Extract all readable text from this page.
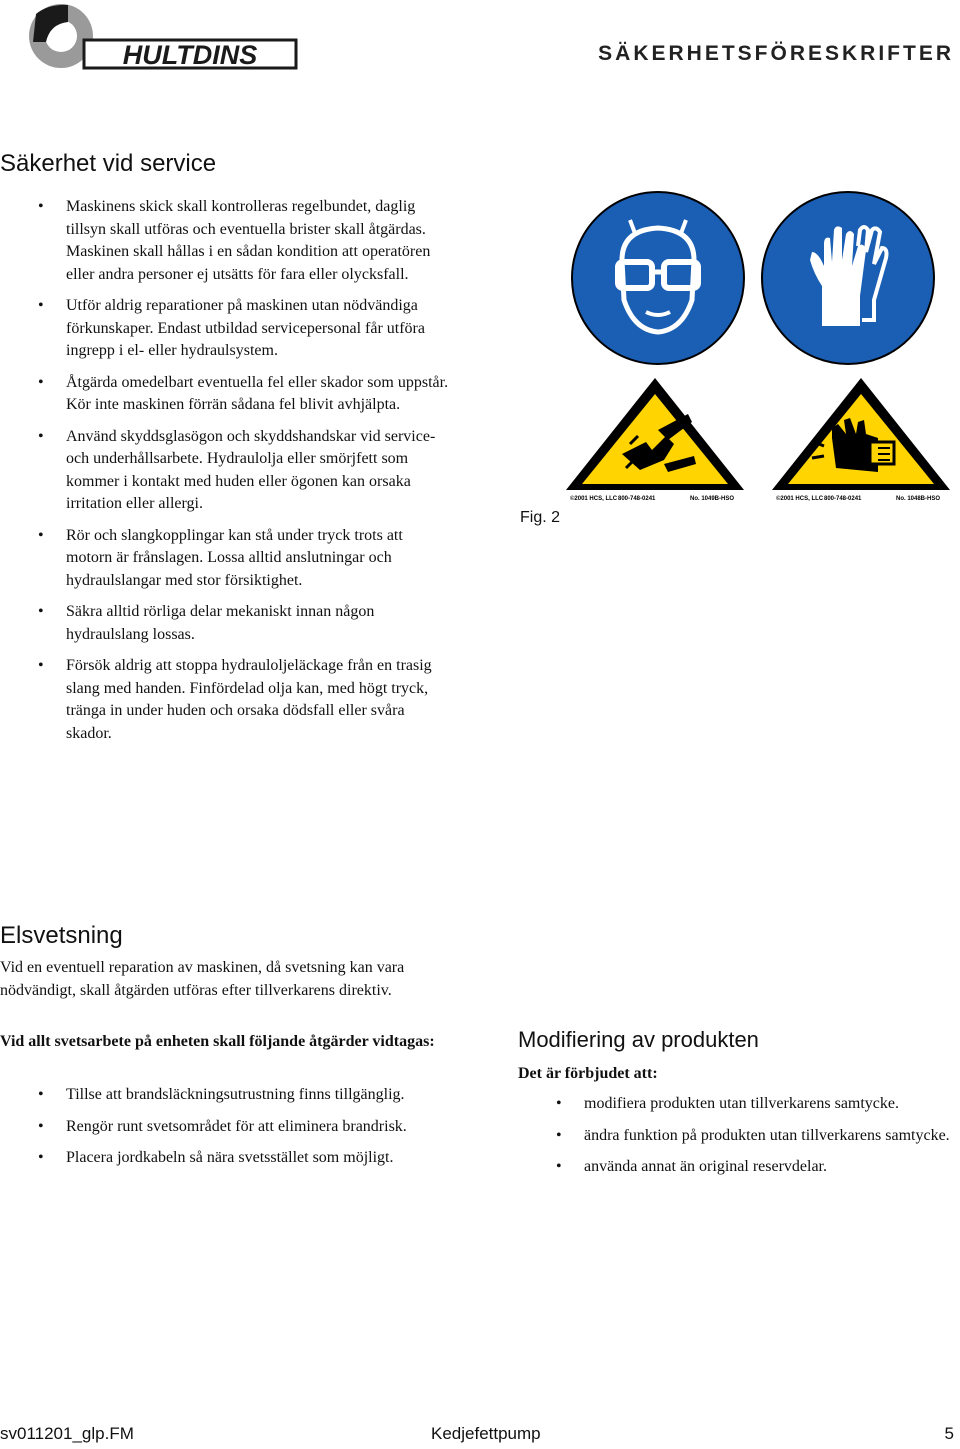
HULTDINS	SÄKERHETSFÖRESKRIFTER
Säkerhet vid service
• Maskinens skick skall kontrolleras regelbundet, daglig tillsyn skall utföras och eventuella brister skall åtgärdas. Maskinen skall hållas i en sådan kondition att operatören eller andra personer ej utsätts för fara eller olycksfall.
• Utför aldrig reparationer på maskinen utan nödvändiga förkunskaper. Endast utbildad servicepersonal får utföra ingrepp i el- eller hydraulsystem.
• Åtgärda omedelbart eventuella fel eller skador som uppstår. Kör inte maskinen förrän sådana fel blivit avhjälpta.
• Använd skyddsglasögon och skyddshandskar vid service- och underhållsarbete. Hydraulolja eller smörjfett som kommer i kontakt med huden eller ögonen kan orsaka irritation eller allergi.
• Rör och slangkopplingar kan stå under tryck trots att motorn är frånslagen. Lossa alltid anslutningar och hydraulslangar med stor försiktighet.
• Säkra alltid rörliga delar mekaniskt innan någon hydraulslang lossas.
• Försök aldrig att stoppa hydrauloljeläckage från en trasig slang med handen. Finfördelad olja kan, med högt tryck, tränga in under huden och orsaka dödsfall eller svåra skador.
©2001 HCS, LLC 800-748-0241	No. 1049B-HSO	©2001 HCS, LLC 800-748-0241	No. 1048B-HSO
Fig. 2
Elsvetsning

Vid en eventuell reparation av maskinen, då svetsning kan vara nödvändigt, skall åtgärden utföras efter tillverkarens direktiv.

Vid allt svetsarbete på enheten skall följande åtgärder vidtagas:

• Tillse att brandsläckningsutrustning finns tillgänglig.
• Rengör runt svetsområdet för att eliminera brandrisk.
• Placera jordkabeln så nära svetsstället som möjligt.
Modifiering av produkten

Det är förbjudet att:

• modifiera produkten utan tillverkarens samtycke.
• ändra funktion på produkten utan tillverkarens samtycke.
• använda annat än original reservdelar.
sv011201_glp.FM	Kedjefettpump	5
